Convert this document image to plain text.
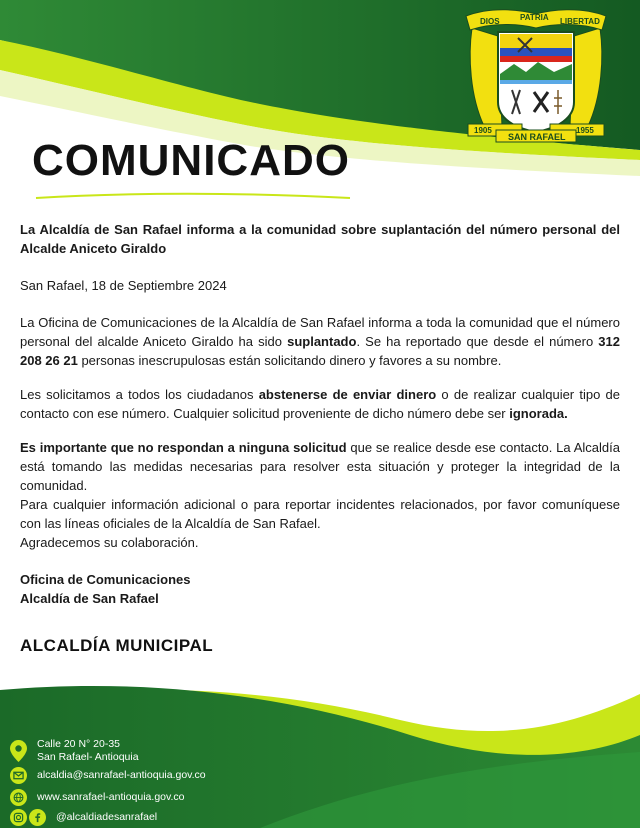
DIOS	PATRIA LIBERTAD
1905	1955
SAN RAFAEL
COMUNICADO

La Alcaldía de San Rafael informa a la comunidad sobre suplantación del número personal del Alcalde Aniceto Giraldo

San Rafael, 18 de Septiembre 2024

La Oficina de Comunicaciones de la Alcaldía de San Rafael informa a toda la comunidad que el número personal del alcalde Aniceto Giraldo ha sido suplantado. Se ha reportado que desde el número 312 208 26 21 personas inescrupulosas están solicitando dinero y favores a su nombre.

Les solicitamos a todos los ciudadanos abstenerse de enviar dinero o de realizar cualquier tipo de contacto con ese número. Cualquier solicitud proveniente de dicho número debe ser ignorada.

Es importante que no respondan a ninguna solicitud que se realice desde ese contacto. La Alcaldía está tomando las medidas necesarias para resolver esta situación y proteger la integridad de la comunidad.

Para cualquier información adicional o para reportar incidentes relacionados, por favor comuníquese con las líneas oficiales de la Alcaldía de San Rafael.

Agradecemos su colaboración.

Oficina de Comunicaciones

Alcaldía de San Rafael

ALCALDÍA MUNICIPAL
Calle 20 N° 20-35
San Rafael- Antioquia
alcaldia@sanrafael-antioquia.gov.co
www.sanrafael-antioquia.gov.co
@alcaldiadesanrafael
